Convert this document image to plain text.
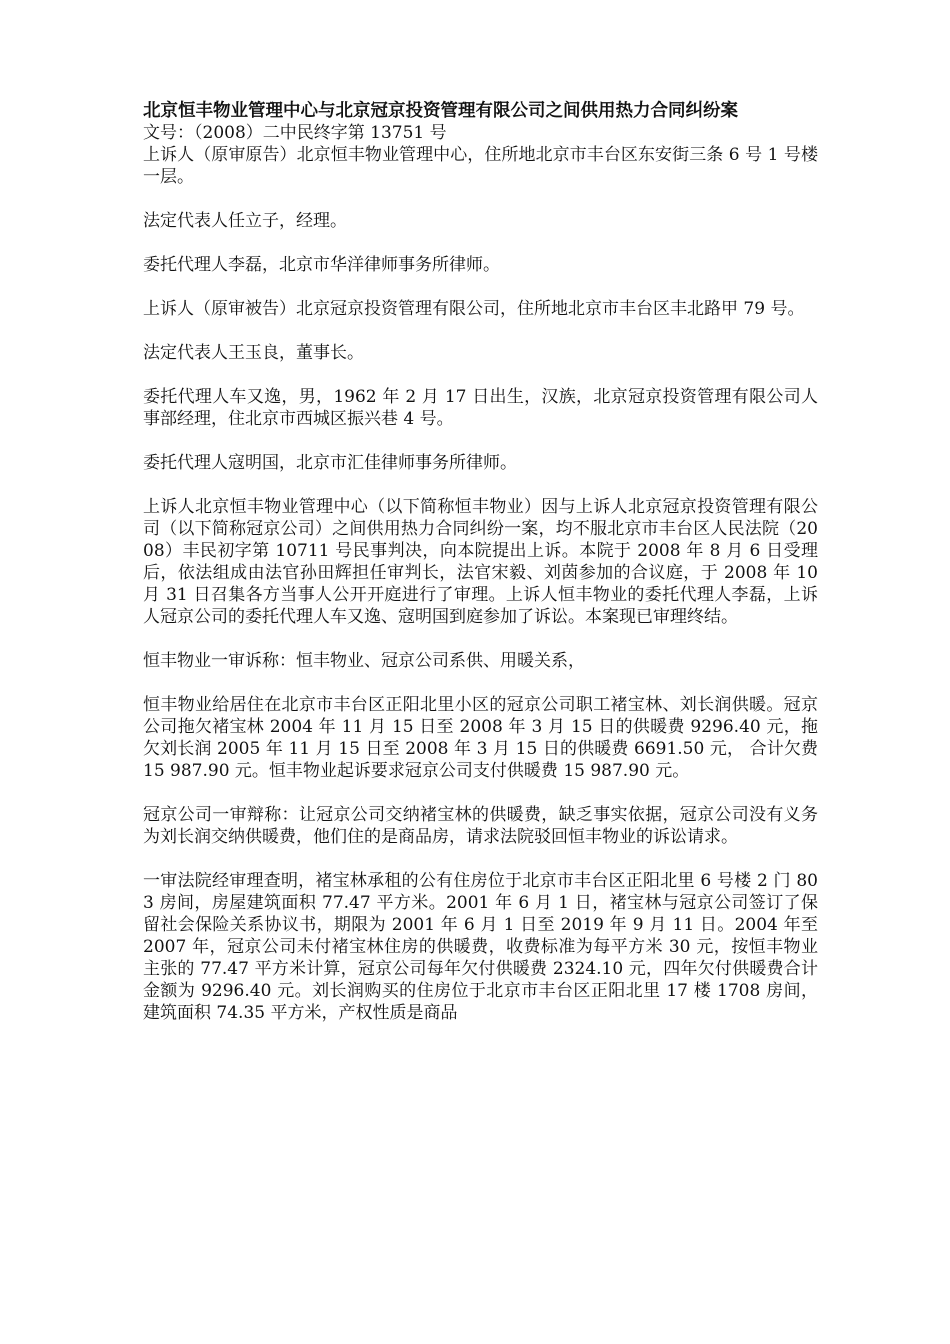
北京恒丰物业管理中心与北京冠京投资管理有限公司之间供用热力合同纠纷案
文号：（2008）二中民终字第 13751 号

上诉人（原审原告）北京恒丰物业管理中心，住所地北京市丰台区东安街三条 6 号 1 号楼一层。

法定代表人任立子，经理。

委托代理人李磊，北京市华洋律师事务所律师。

上诉人（原审被告）北京冠京投资管理有限公司，住所地北京市丰台区丰北路甲 79 号。

法定代表人王玉良，董事长。

委托代理人车又逸，男，1962 年 2 月 17 日出生，汉族，北京冠京投资管理有限公司人事部经理，住北京市西城区振兴巷 4 号。

委托代理人寇明国，北京市汇佳律师事务所律师。

上诉人北京恒丰物业管理中心（以下简称恒丰物业）因与上诉人北京冠京投资管理有限公司（以下简称冠京公司）之间供用热力合同纠纷一案，均不服北京市丰台区人民法院（2008）丰民初字第 10711 号民事判决，向本院提出上诉。本院于 2008 年 8 月 6 日受理后，依法组成由法官孙田辉担任审判长，法官宋毅、刘茵参加的合议庭，于 2008 年 10 月 31 日召集各方当事人公开开庭进行了审理。上诉人恒丰物业的委托代理人李磊，上诉人冠京公司的委托代理人车又逸、寇明国到庭参加了诉讼。本案现已审理终结。

恒丰物业一审诉称：恒丰物业、冠京公司系供、用暖关系，

恒丰物业给居住在北京市丰台区正阳北里小区的冠京公司职工褚宝林、刘长润供暖。冠京公司拖欠褚宝林 2004 年 11 月 15 日至 2008 年 3 月 15 日的供暖费 9296.40 元，拖欠刘长润 2005 年 11 月 15 日至 2008 年 3 月 15 日的供暖费 6691.50 元， 合计欠费 15 987.90 元。恒丰物业起诉要求冠京公司支付供暖费 15 987.90 元。

冠京公司一审辩称：让冠京公司交纳褚宝林的供暖费，缺乏事实依据，冠京公司没有义务为刘长润交纳供暖费，他们住的是商品房，请求法院驳回恒丰物业的诉讼请求。

一审法院经审理查明，褚宝林承租的公有住房位于北京市丰台区正阳北里 6 号楼 2 门 803 房间，房屋建筑面积 77.47 平方米。2001 年 6 月 1 日，褚宝林与冠京公司签订了保留社会保险关系协议书，期限为 2001 年 6 月 1 日至 2019 年 9 月 11 日。2004 年至 2007 年，冠京公司未付褚宝林住房的供暖费，收费标准为每平方米 30 元，按恒丰物业主张的 77.47 平方米计算，冠京公司每年欠付供暖费 2324.10 元，四年欠付供暖费合计金额为 9296.40 元。刘长润购买的住房位于北京市丰台区正阳北里 17 楼 1708 房间，建筑面积 74.35 平方米，产权性质是商品
